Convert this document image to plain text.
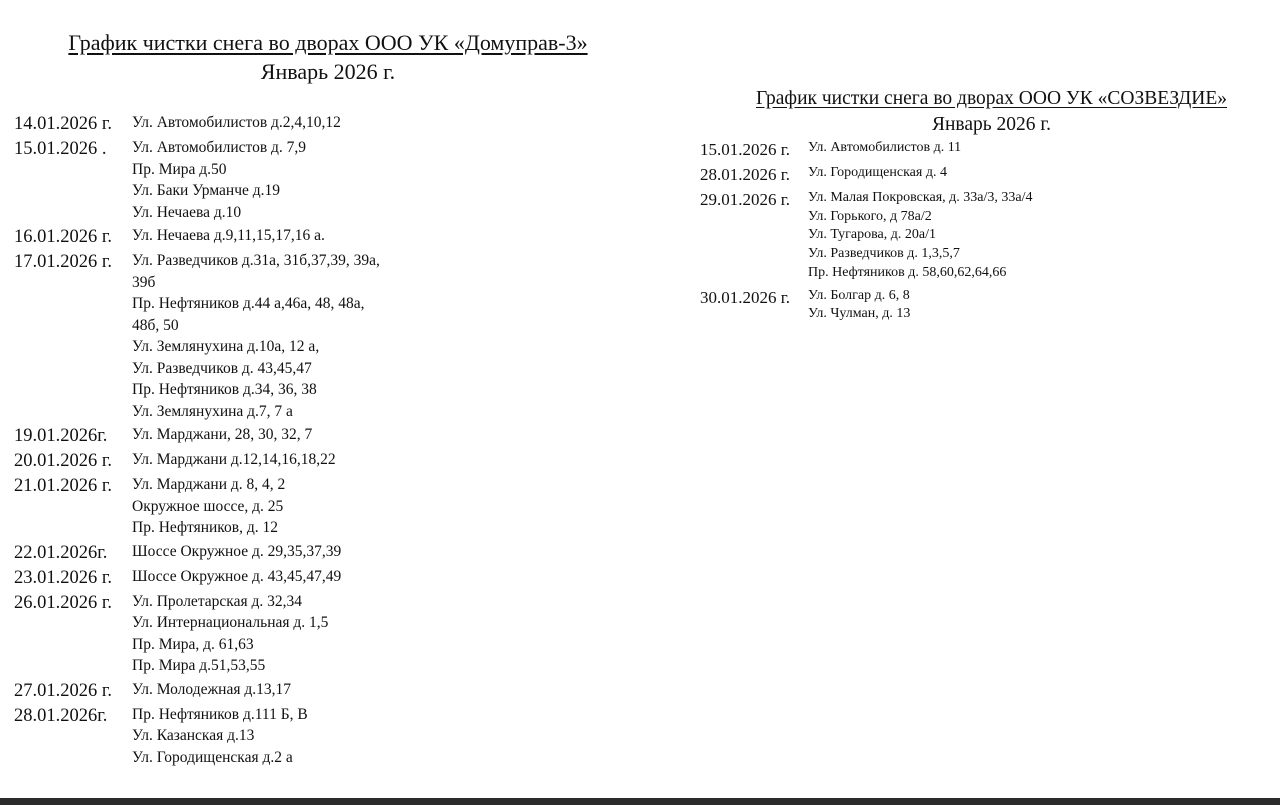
График чистки снега во дворах ООО УК «Домуправ-3»
Январь 2026 г.
14.01.2026 г.	Ул. Автомобилистов д.2,4,10,12
15.01.2026 .	Ул. Автомобилистов д. 7,9
Пр. Мира д.50
Ул. Баки Урманче д.19
Ул. Нечаева д.10
16.01.2026 г.	Ул. Нечаева д.9,11,15,17,16 а.
17.01.2026 г.	Ул. Разведчиков д.31а, 31б,37,39, 39а,
39б
Пр. Нефтяников д.44 а,46а, 48, 48а,
48б, 50
Ул. Землянухина д.10а, 12 а,
Ул. Разведчиков д. 43,45,47
Пр. Нефтяников д.34, 36, 38
Ул. Землянухина д.7, 7 а
19.01.2026г.	Ул. Марджани, 28, 30, 32, 7
20.01.2026 г.	Ул. Марджани д.12,14,16,18,22
21.01.2026 г.	Ул. Марджани д. 8, 4, 2
Окружное шоссе, д. 25
Пр. Нефтяников, д. 12
22.01.2026г.	Шоссе Окружное д. 29,35,37,39
23.01.2026 г.	Шоссе Окружное д. 43,45,47,49
26.01.2026 г.	Ул. Пролетарская д. 32,34
Ул. Интернациональная д. 1,5
Пр. Мира, д. 61,63
Пр. Мира д.51,53,55
27.01.2026 г.	Ул. Молодежная д.13,17
28.01.2026г.	Пр. Нефтяников д.111 Б, В
Ул. Казанская д.13
Ул. Городищенская д.2 а
График чистки снега во дворах ООО УК «СОЗВЕЗДИЕ»
Январь 2026 г.
15.01.2026 г.	Ул. Автомобилистов д. 11
28.01.2026 г.	Ул. Городищенская д. 4
29.01.2026 г.	Ул. Малая Покровская, д. 33а/3, 33а/4
Ул. Горького, д 78а/2
Ул. Тугарова, д. 20а/1
Ул. Разведчиков д. 1,3,5,7
Пр. Нефтяников д. 58,60,62,64,66
30.01.2026 г.	Ул. Болгар д. 6, 8
Ул. Чулман, д. 13
